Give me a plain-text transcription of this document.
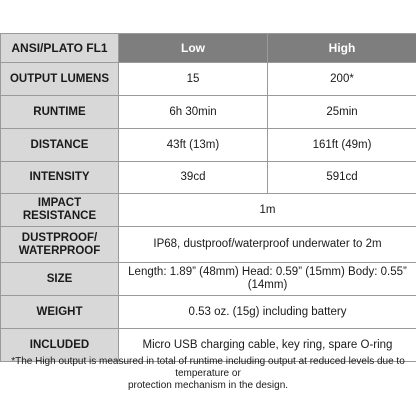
ANSI/PLATO FL1	Low	High
OUTPUT LUMENS	15	200*
RUNTIME	6h 30min	25min
DISTANCE	43ft (13m)	161ft (49m)
INTENSITY	39cd	591cd
IMPACT RESISTANCE	1m	
DUSTPROOF/
WATERPROOF	IP68, dustproof/waterproof underwater to 2m	
SIZE	Length: 1.89” (48mm) Head: 0.59” (15mm) Body: 0.55” (14mm)	
WEIGHT	0.53 oz. (15g) including battery	
INCLUDED	Micro USB charging cable, key ring, spare O-ring	
*The High output is measured in total of runtime including output at reduced levels due to temperature or
protection mechanism in the design.
